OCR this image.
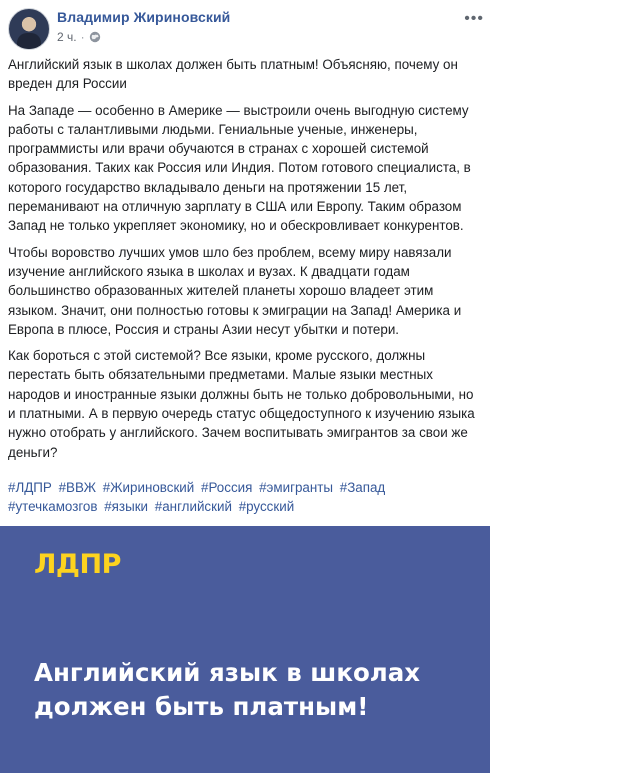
Владимир Жириновский
2 ч. ·
•••

Английский язык в школах должен быть платным! Объясняю, почему он вреден для России

На Западе — особенно в Америке — выстроили очень выгодную систему работы с талантливыми людьми. Гениальные ученые, инженеры, программисты или врачи обучаются в странах с хорошей системой образования. Таких как Россия или Индия. Потом готового специалиста, в которого государство вкладывало деньги на протяжении 15 лет, переманивают на отличную зарплату в США или Европу. Таким образом Запад не только укрепляет экономику, но и обескровливает конкурентов.

Чтобы воровство лучших умов шло без проблем, всему миру навязали изучение английского языка в школах и вузах. К двадцати годам большинство образованных жителей планеты хорошо владеет этим языком. Значит, они полностью готовы к эмиграции на Запад! Америка и Европа в плюсе, Россия и страны Азии несут убытки и потери.

Как бороться с этой системой? Все языки, кроме русского, должны перестать быть обязательными предметами. Малые языки местных народов и иностранные языки должны быть не только добровольными, но и платными. А в первую очередь статус общедоступного к изучению языка нужно отобрать у английского. Зачем воспитывать эмигрантов за свои же деньги?

#ЛДПР #ВВЖ #Жириновский #Россия #эмигранты #Запад #утечкамозгов #языки #английский #русский
ЛДПР
Английский язык в школах
должен быть платным!
